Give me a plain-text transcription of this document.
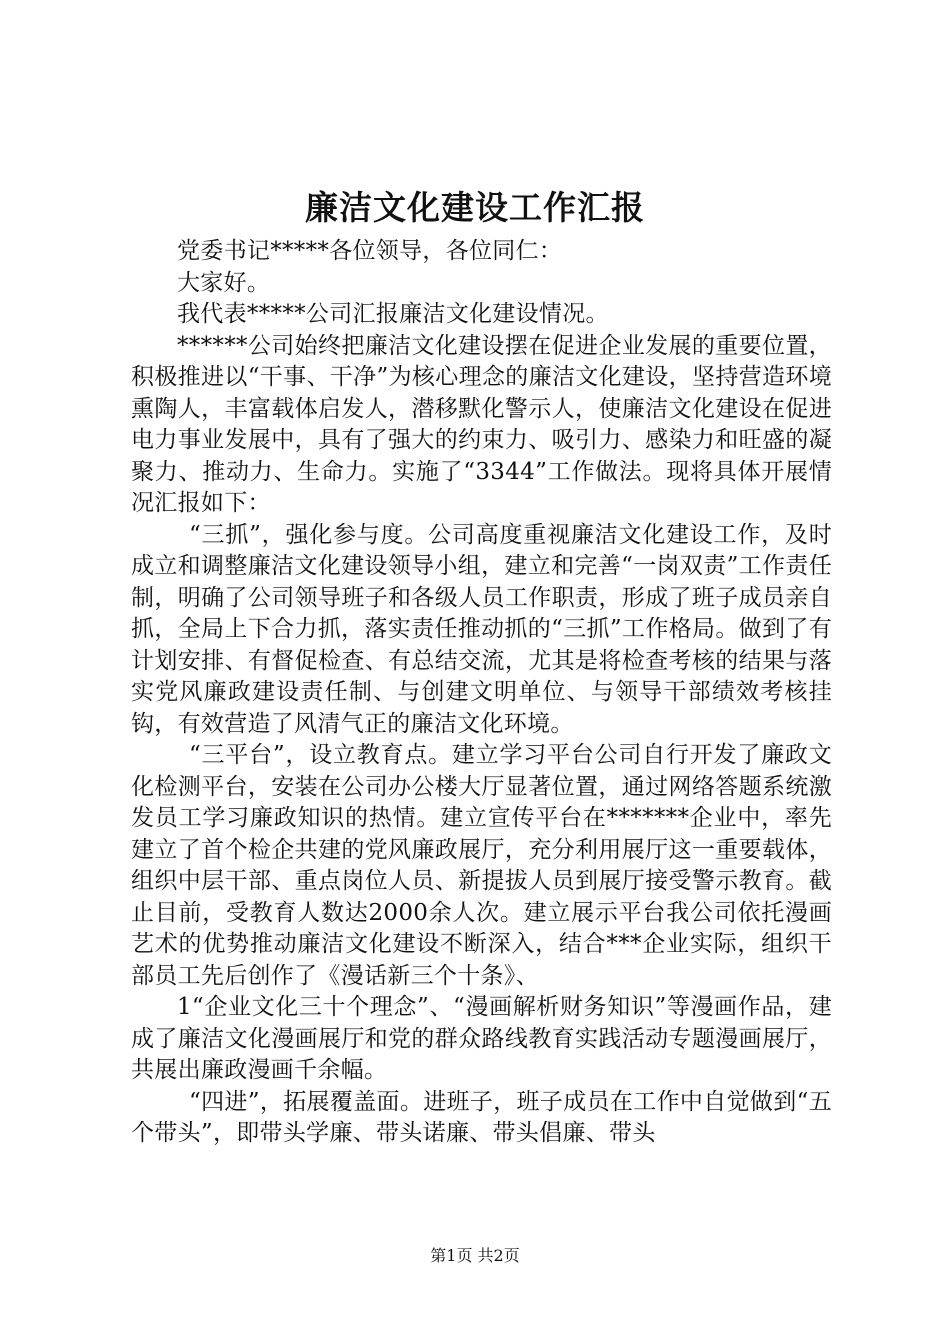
廉洁文化建设工作汇报

党委书记*****各位领导，各位同仁：

大家好。

我代表*****公司汇报廉洁文化建设情况。

******公司始终把廉洁文化建设摆在促进企业发展的重要位置，积极推进以“干事、干净”为核心理念的廉洁文化建设，坚持营造环境熏陶人，丰富载体启发人，潜移默化警示人，使廉洁文化建设在促进电力事业发展中，具有了强大的约束力、吸引力、感染力和旺盛的凝聚力、推动力、生命力。实施了“3344”工作做法。现将具体开展情况汇报如下：

“三抓”，强化参与度。公司高度重视廉洁文化建设工作，及时成立和调整廉洁文化建设领导小组，建立和完善“一岗双责”工作责任制，明确了公司领导班子和各级人员工作职责，形成了班子成员亲自抓，全局上下合力抓，落实责任推动抓的“三抓”工作格局。做到了有计划安排、有督促检查、有总结交流，尤其是将检查考核的结果与落实党风廉政建设责任制、与创建文明单位、与领导干部绩效考核挂钩，有效营造了风清气正的廉洁文化环境。

“三平台”，设立教育点。建立学习平台公司自行开发了廉政文化检测平台，安装在公司办公楼大厅显著位置，通过网络答题系统激发员工学习廉政知识的热情。建立宣传平台在*******企业中，率先建立了首个检企共建的党风廉政展厅，充分利用展厅这一重要载体，组织中层干部、重点岗位人员、新提拔人员到展厅接受警示教育。截止目前，受教育人数达2000余人次。建立展示平台我公司依托漫画艺术的优势推动廉洁文化建设不断深入，结合***企业实际，组织干部员工先后创作了《漫话新三个十条》、

1“企业文化三十个理念”、“漫画解析财务知识”等漫画作品，建成了廉洁文化漫画展厅和党的群众路线教育实践活动专题漫画展厅，共展出廉政漫画千余幅。

“四进”，拓展覆盖面。进班子，班子成员在工作中自觉做到“五个带头”，即带头学廉、带头诺廉、带头倡廉、带头

第1页 共2页
